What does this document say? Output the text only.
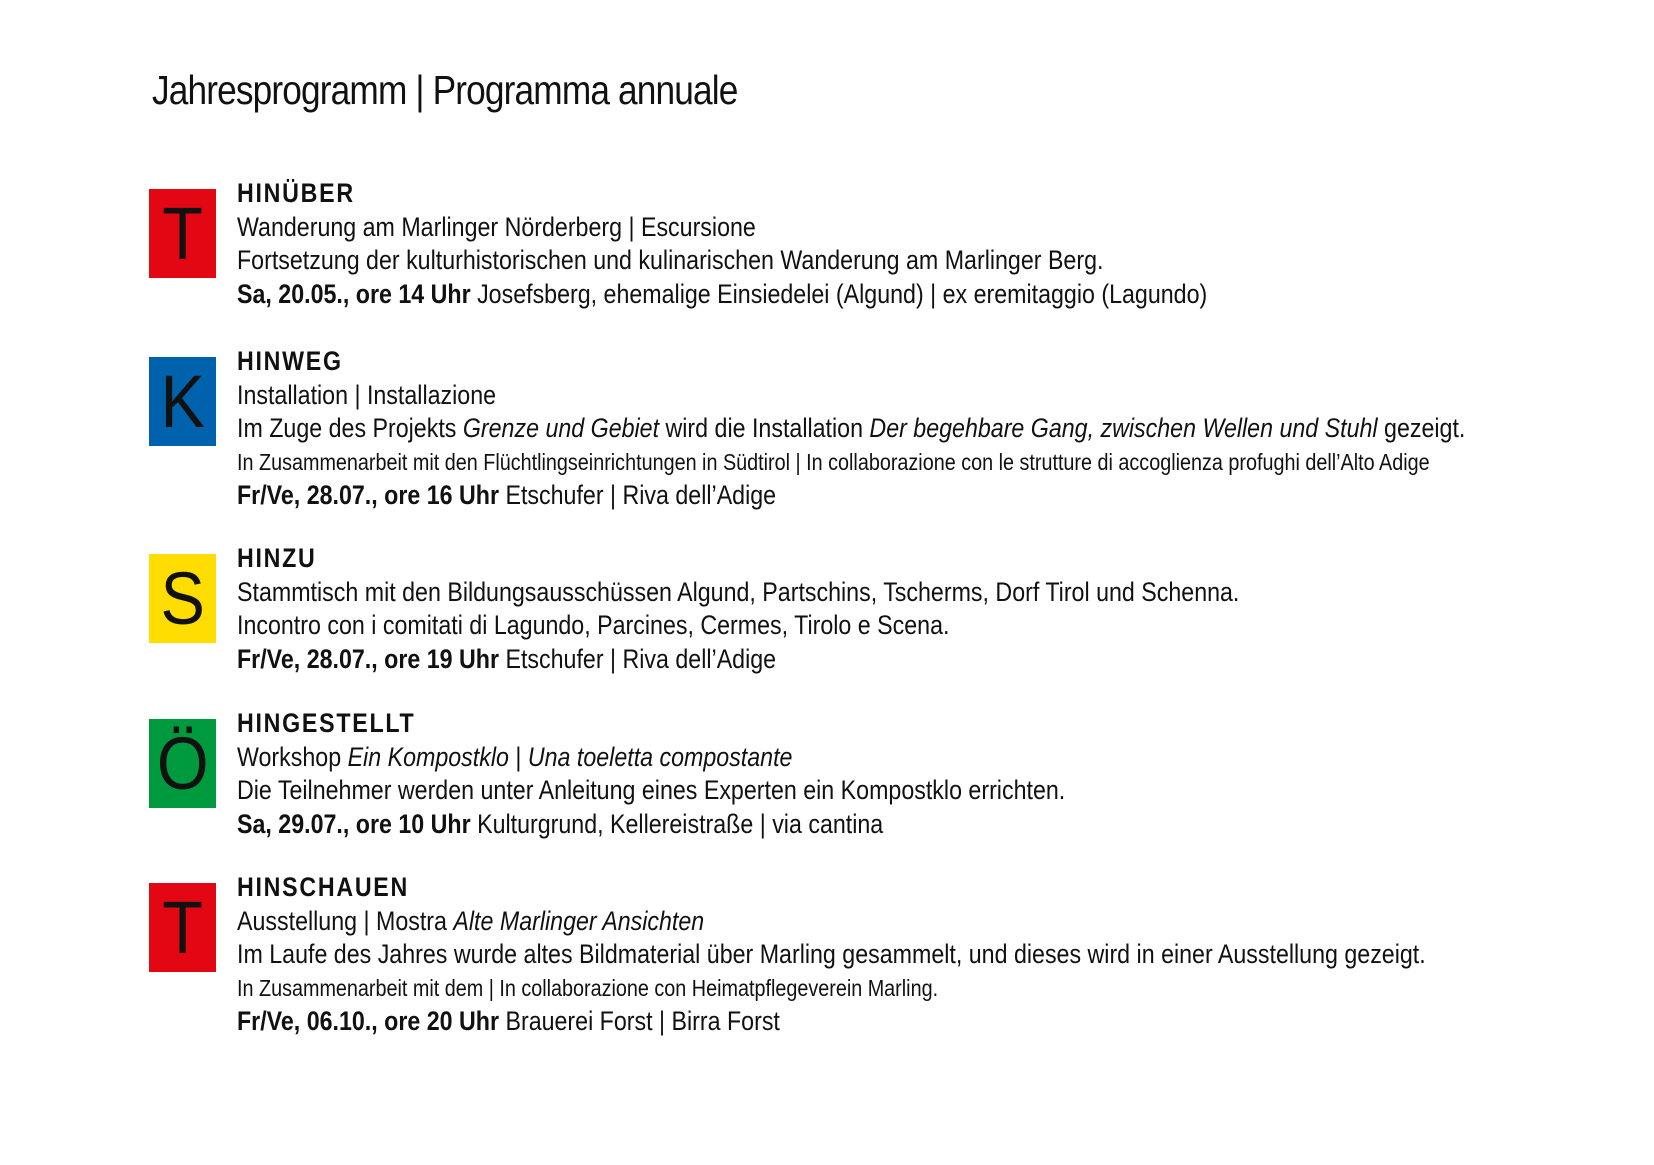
Jahresprogramm | Programma annuale
T HINÜBER
Wanderung am Marlinger Nörderberg | Escursione
Fortsetzung der kulturhistorischen und kulinarischen Wanderung am Marlinger Berg.
Sa, 20.05., ore 14 Uhr Josefsberg, ehemalige Einsiedelei (Algund) | ex eremitaggio (Lagundo)
K HINWEG
Installation | Installazione
Im Zuge des Projekts Grenze und Gebiet wird die Installation Der begehbare Gang, zwischen Wellen und Stuhl gezeigt.
In Zusammenarbeit mit den Flüchtlingseinrichtungen in Südtirol | In collaborazione con le strutture di accoglienza profughi dell’Alto Adige
Fr/Ve, 28.07., ore 16 Uhr Etschufer | Riva dell’Adige
S HINZU
Stammtisch mit den Bildungsausschüssen Algund, Partschins, Tscherms, Dorf Tirol und Schenna.
Incontro con i comitati di Lagundo, Parcines, Cermes, Tirolo e Scena.
Fr/Ve, 28.07., ore 19 Uhr Etschufer | Riva dell’Adige
Ö HINGESTELLT
Workshop Ein Kompostklo | Una toeletta compostante
Die Teilnehmer werden unter Anleitung eines Experten ein Kompostklo errichten.
Sa, 29.07., ore 10 Uhr Kulturgrund, Kellereistraße | via cantina
T HINSCHAUEN
Ausstellung | Mostra Alte Marlinger Ansichten
Im Laufe des Jahres wurde altes Bildmaterial über Marling gesammelt, und dieses wird in einer Ausstellung gezeigt.
In Zusammenarbeit mit dem | In collaborazione con Heimatpflegeverein Marling.
Fr/Ve, 06.10., ore 20 Uhr Brauerei Forst | Birra Forst
